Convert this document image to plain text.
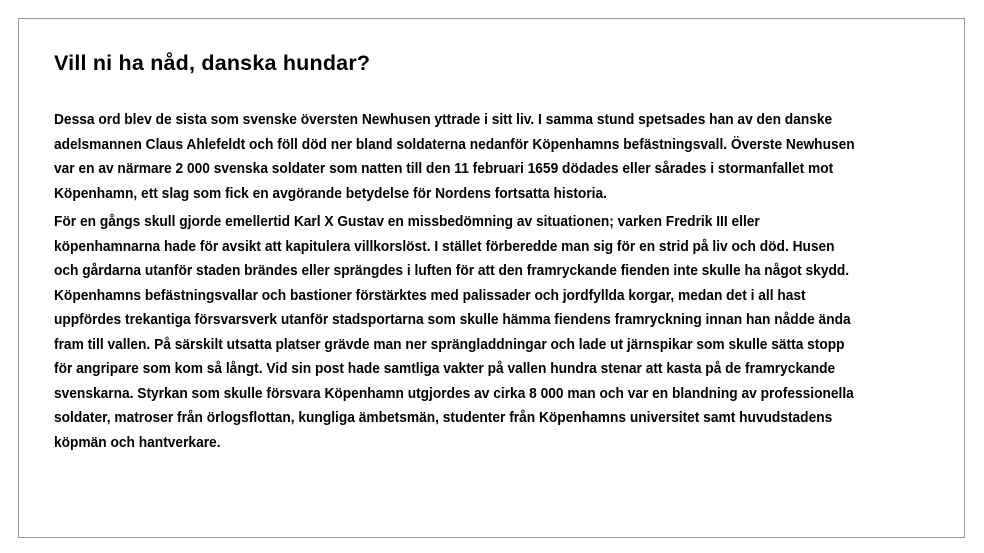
Vill ni ha nåd, danska hundar?

Dessa ord blev de sista som svenske översten Newhusen yttrade i sitt liv. I samma stund spetsades han av den danske adelsmannen Claus Ahlefeldt och föll död ner bland soldaterna nedanför Köpenhamns befästningsvall. Överste Newhusen var en av närmare 2 000 svenska soldater som natten till den 11 februari 1659 dödades eller sårades i stormanfallet mot Köpenhamn, ett slag som fick en avgörande betydelse för Nordens fortsatta historia.

För en gångs skull gjorde emellertid Karl X Gustav en missbedömning av situationen; varken Fredrik III eller köpenhamnarna hade för avsikt att kapitulera villkorslöst. I stället förberedde man sig för en strid på liv och död. Husen och gårdarna utanför staden brändes eller sprängdes i luften för att den framryckande fienden inte skulle ha något skydd. Köpenhamns befästningsvallar och bastioner förstärktes med palissader och jordfyllda korgar, medan det i all hast uppfördes trekantiga försvarsverk utanför stadsportarna som skulle hämma fiendens framryckning innan han nådde ända fram till vallen. På särskilt utsatta platser grävde man ner sprängladdningar och lade ut järnspikar som skulle sätta stopp för angripare som kom så långt. Vid sin post hade samtliga vakter på vallen hundra stenar att kasta på de framryckande svenskarna. Styrkan som skulle försvara Köpenhamn utgjordes av cirka 8 000 man och var en blandning av professionella soldater, matroser från örlogsflottan, kungliga ämbetsmän, studenter från Köpenhamns universitet samt huvudstadens köpmän och hantverkare.
